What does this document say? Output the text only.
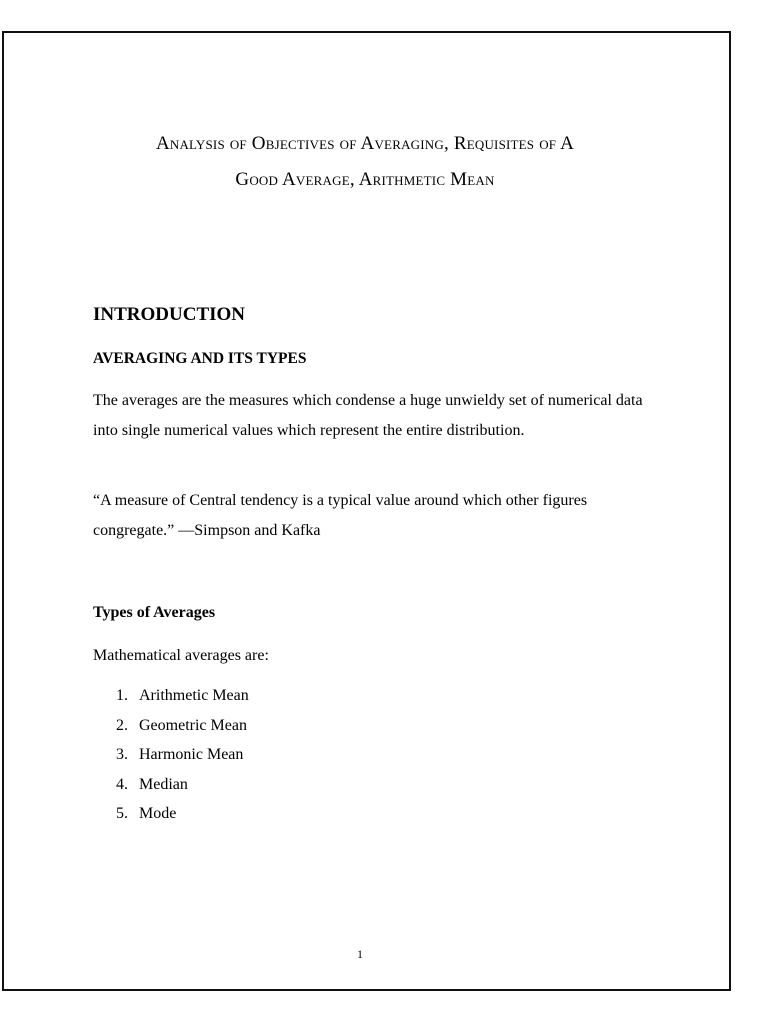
Analysis of Objectives of Averaging, Requisites of A
Good Average, Arithmetic Mean
INTRODUCTION
AVERAGING AND ITS TYPES
The averages are the measures which condense a huge unwieldy set of numerical data into single numerical values which represent the entire distribution.
“A measure of Central tendency is a typical value around which other figures congregate.” —Simpson and Kafka
Types of Averages
Mathematical averages are:
1. Arithmetic Mean
2. Geometric Mean
3. Harmonic Mean
4. Median
5. Mode
1
